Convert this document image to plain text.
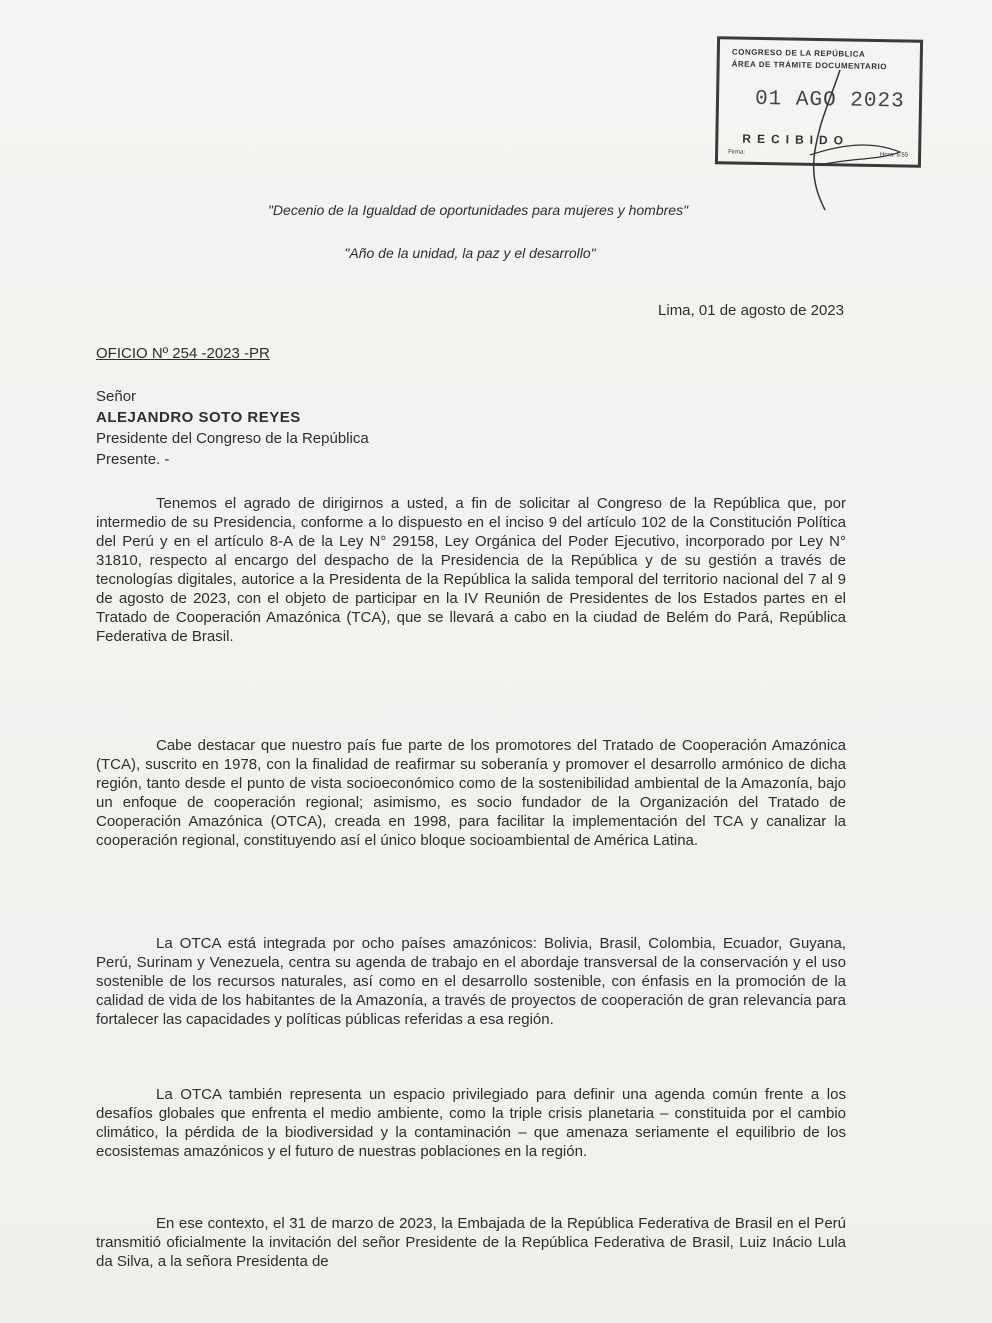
CONGRESO DE LA REPÚBLICA
ÁREA DE TRÁMITE DOCUMENTARIO
01 AGO 2023
RECIBIDO
Firma:	Hora: 5:55
"Decenio de la Igualdad de oportunidades para mujeres y hombres"
"Año de la unidad, la paz y el desarrollo"
Lima, 01 de agosto de 2023
OFICIO Nº 254 -2023 -PR
Señor
ALEJANDRO SOTO REYES
Presidente del Congreso de la República
Presente. -

Tenemos el agrado de dirigirnos a usted, a fin de solicitar al Congreso de la República que, por intermedio de su Presidencia, conforme a lo dispuesto en el inciso 9 del artículo 102 de la Constitución Política del Perú y en el artículo 8-A de la Ley N° 29158, Ley Orgánica del Poder Ejecutivo, incorporado por Ley N° 31810, respecto al encargo del despacho de la Presidencia de la República y de su gestión a través de tecnologías digitales, autorice a la Presidenta de la República la salida temporal del territorio nacional del 7 al 9 de agosto de 2023, con el objeto de participar en la IV Reunión de Presidentes de los Estados partes en el Tratado de Cooperación Amazónica (TCA), que se llevará a cabo en la ciudad de Belém do Pará, República Federativa de Brasil.

Cabe destacar que nuestro país fue parte de los promotores del Tratado de Cooperación Amazónica (TCA), suscrito en 1978, con la finalidad de reafirmar su soberanía y promover el desarrollo armónico de dicha región, tanto desde el punto de vista socioeconómico como de la sostenibilidad ambiental de la Amazonía, bajo un enfoque de cooperación regional; asimismo, es socio fundador de la Organización del Tratado de Cooperación Amazónica (OTCA), creada en 1998, para facilitar la implementación del TCA y canalizar la cooperación regional, constituyendo así el único bloque socioambiental de América Latina.

La OTCA está integrada por ocho países amazónicos: Bolivia, Brasil, Colombia, Ecuador, Guyana, Perú, Surinam y Venezuela, centra su agenda de trabajo en el abordaje transversal de la conservación y el uso sostenible de los recursos naturales, así como en el desarrollo sostenible, con énfasis en la promoción de la calidad de vida de los habitantes de la Amazonía, a través de proyectos de cooperación de gran relevancia para fortalecer las capacidades y políticas públicas referidas a esa región.

La OTCA también representa un espacio privilegiado para definir una agenda común frente a los desafíos globales que enfrenta el medio ambiente, como la triple crisis planetaria – constituida por el cambio climático, la pérdida de la biodiversidad y la contaminación – que amenaza seriamente el equilibrio de los ecosistemas amazónicos y el futuro de nuestras poblaciones en la región.

En ese contexto, el 31 de marzo de 2023, la Embajada de la República Federativa de Brasil en el Perú transmitió oficialmente la invitación del señor Presidente de la República Federativa de Brasil, Luiz Inácio Lula da Silva, a la señora Presidenta de
